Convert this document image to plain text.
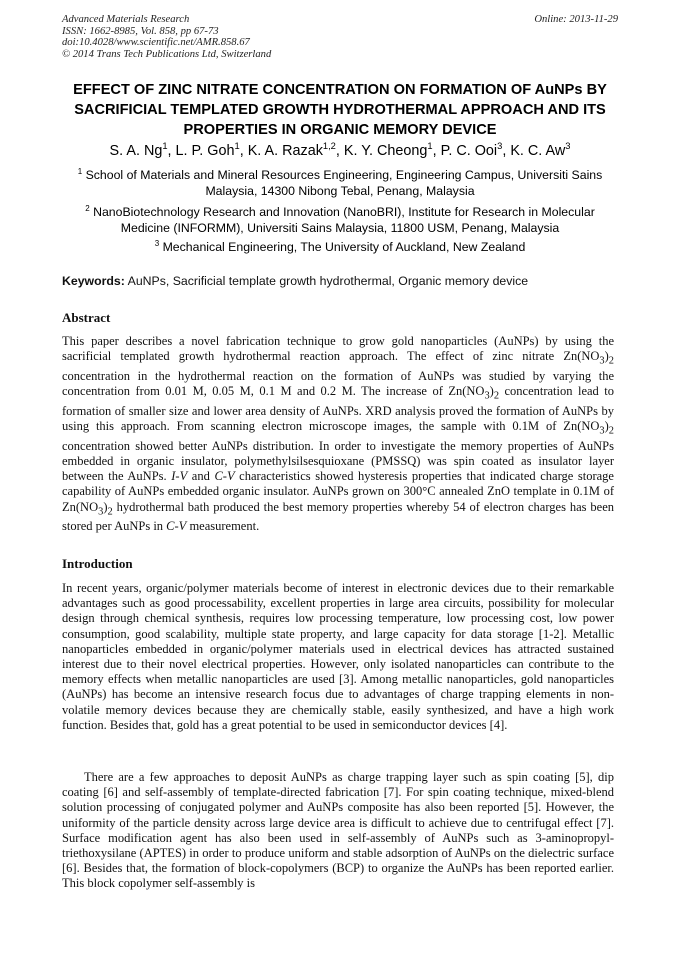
Advanced Materials Research
ISSN: 1662-8985, Vol. 858, pp 67-73
doi:10.4028/www.scientific.net/AMR.858.67
© 2014 Trans Tech Publications Ltd, Switzerland
Online: 2013-11-29
EFFECT OF ZINC NITRATE CONCENTRATION ON FORMATION OF AuNPs BY SACRIFICIAL TEMPLATED GROWTH HYDROTHERMAL APPROACH AND ITS PROPERTIES IN ORGANIC MEMORY DEVICE
S. A. Ng$^1$, L. P. Goh$^1$, K. A. Razak$^{1,2}$, K. Y. Cheong$^1$, P. C. Ooi$^3$, K. C. Aw$^3$
$^1$ School of Materials and Mineral Resources Engineering, Engineering Campus, Universiti Sains Malaysia, 14300 Nibong Tebal, Penang, Malaysia
$^2$ NanoBiotechnology Research and Innovation (NanoBRI), Institute for Research in Molecular Medicine (INFORMM), Universiti Sains Malaysia, 11800 USM, Penang, Malaysia
$^3$ Mechanical Engineering, The University of Auckland, New Zealand
Keywords: AuNPs, Sacrificial template growth hydrothermal, Organic memory device
Abstract
This paper describes a novel fabrication technique to grow gold nanoparticles (AuNPs) by using the sacrificial templated growth hydrothermal reaction approach. The effect of zinc nitrate $Zn(NO_3)_2$ concentration in the hydrothermal reaction on the formation of AuNPs was studied by varying the concentration from 0.01 M, 0.05 M, 0.1 M and 0.2 M. The increase of $Zn(NO_3)_2$ concentration lead to formation of smaller size and lower area density of AuNPs. XRD analysis proved the formation of AuNPs by using this approach. From scanning electron microscope images, the sample with 0.1M of $Zn(NO_3)_2$ concentration showed better AuNPs distribution. In order to investigate the memory properties of AuNPs embedded in organic insulator, polymethylsilsesquioxane (PMSSQ) was spin coated as insulator layer between the AuNPs. I-V and C-V characteristics showed hysteresis properties that indicated charge storage capability of AuNPs embedded organic insulator. AuNPs grown on 300°C annealed ZnO template in 0.1M of $Zn(NO_3)_2$ hydrothermal bath produced the best memory properties whereby 54 of electron charges has been stored per AuNPs in C-V measurement.
Introduction
In recent years, organic/polymer materials become of interest in electronic devices due to their remarkable advantages such as good processability, excellent properties in large area circuits, possibility for molecular design through chemical synthesis, requires low processing temperature, low processing cost, low power consumption, good scalability, multiple state property, and large capacity for data storage [1-2]. Metallic nanoparticles embedded in organic/polymer materials used in electrical devices has attracted sustained interest due to their novel electrical properties. However, only isolated nanoparticles can contribute to the memory effects when metallic nanoparticles are used [3]. Among metallic nanoparticles, gold nanoparticles (AuNPs) has become an intensive research focus due to advantages of charge trapping elements in non-volatile memory devices because they are chemically stable, easily synthesized, and have a high work function. Besides that, gold has a great potential to be used in semiconductor devices [4].
There are a few approaches to deposit AuNPs as charge trapping layer such as spin coating [5], dip coating [6] and self-assembly of template-directed fabrication [7]. For spin coating technique, mixed-blend solution processing of conjugated polymer and AuNPs composite has also been reported [5]. However, the uniformity of the particle density across large device area is difficult to achieve due to centrifugal effect [7]. Surface modification agent has also been used in self-assembly of AuNPs such as 3-aminopropyl-triethoxysilane (APTES) in order to produce uniform and stable adsorption of AuNPs on the dielectric surface [6]. Besides that, the formation of block-copolymers (BCP) to organize the AuNPs has been reported earlier. This block copolymer self-assembly is
